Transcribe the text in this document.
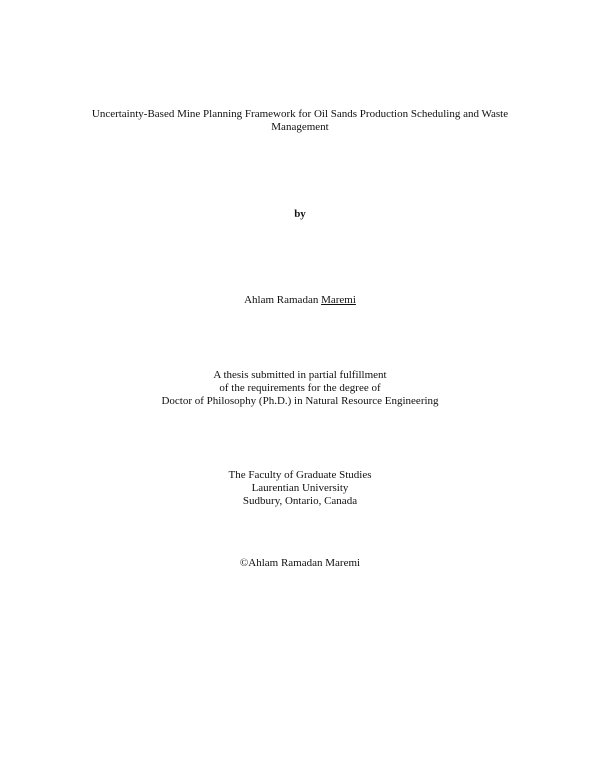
Uncertainty-Based Mine Planning Framework for Oil Sands Production Scheduling and Waste
Management
by
Ahlam Ramadan Maremi
A thesis submitted in partial fulfillment
of the requirements for the degree of
Doctor of Philosophy (Ph.D.) in Natural Resource Engineering
The Faculty of Graduate Studies
Laurentian University
Sudbury, Ontario, Canada
©Ahlam Ramadan Maremi
